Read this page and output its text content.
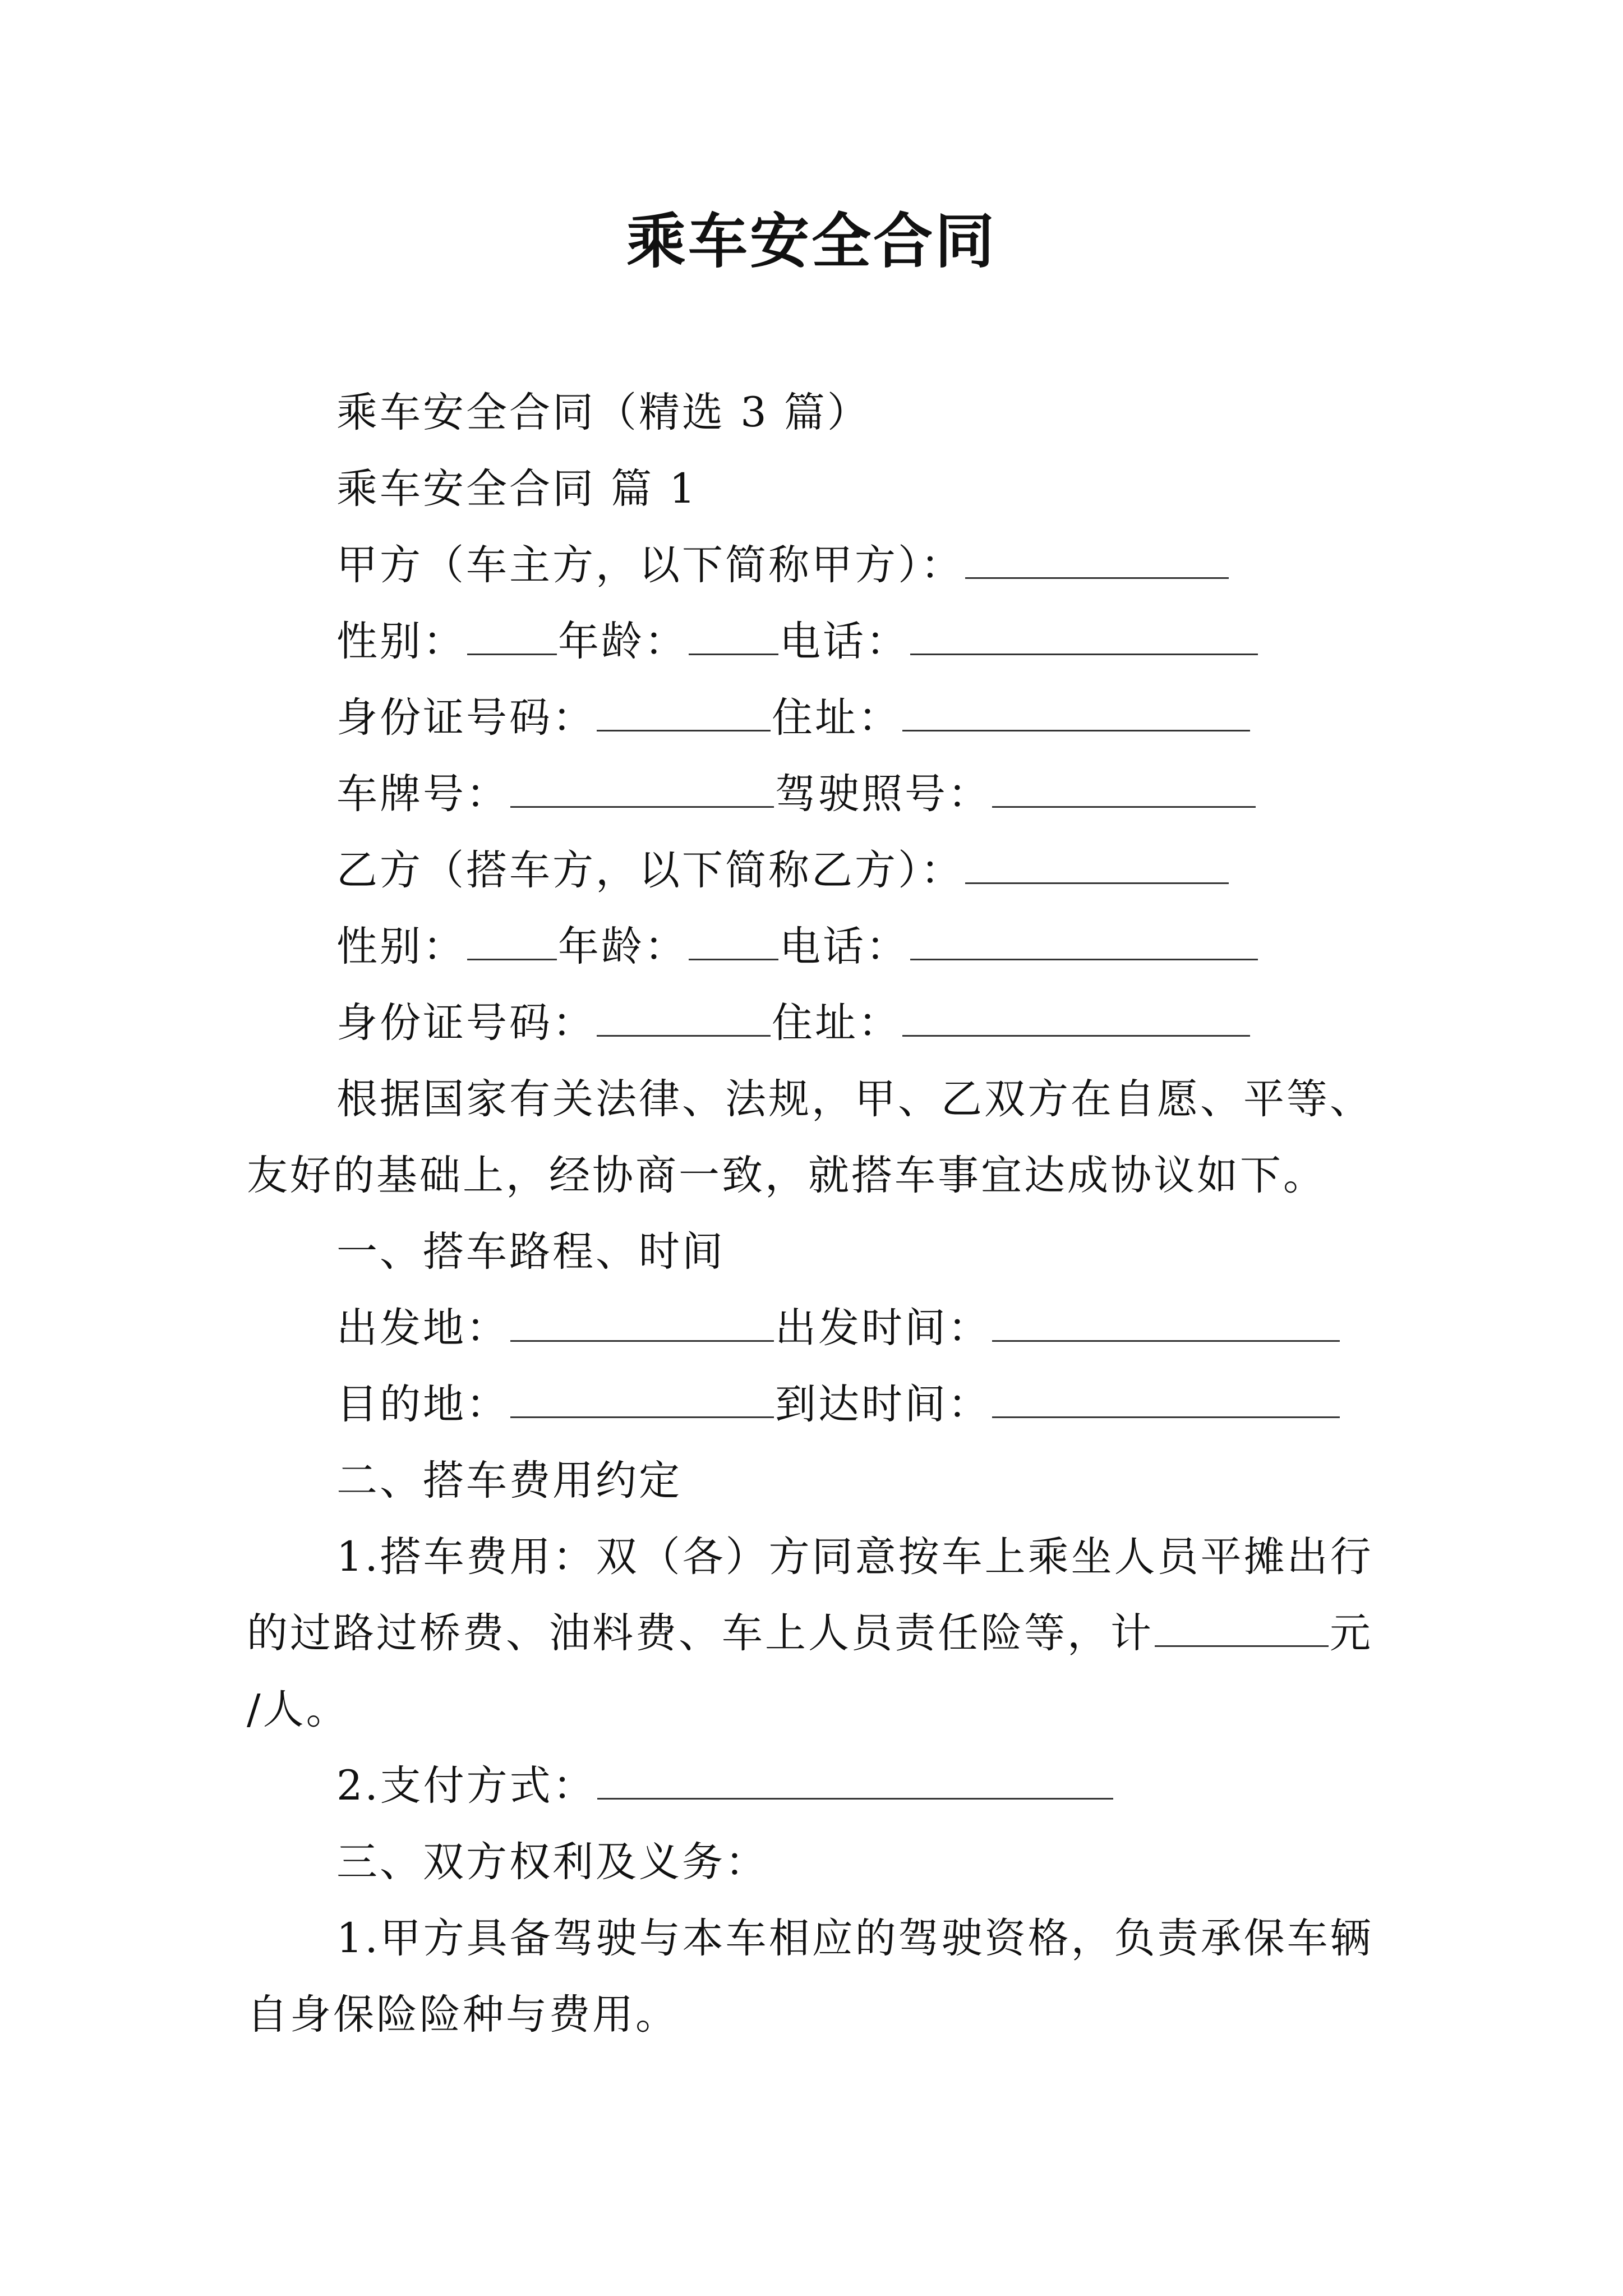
乘车安全合同
乘车安全合同（精选 3 篇）
乘车安全合同 篇 1
甲方（车主方，以下简称甲方）：
性别： 年龄： 电话：
身份证号码：	住址：
车牌号：	驾驶照号：
乙方（搭车方，以下简称乙方）：
性别： 年龄： 电话：
身份证号码：	住址：
根据国家有关法律、法规，甲、乙双方在自愿、平等、
友好的基础上，经协商一致，就搭车事宜达成协议如下。
一、搭车路程、时间
出发地：	出发时间：
目的地：	到达时间：
二、搭车费用约定
1.搭车费用：双（各）方同意按车上乘坐人员平摊出行
的过路过桥费、油料费、车上人员责任险等，计	元
/人。
2.支付方式：
三、双方权利及义务：
1.甲方具备驾驶与本车相应的驾驶资格，负责承保车辆
自身保险险种与费用。
